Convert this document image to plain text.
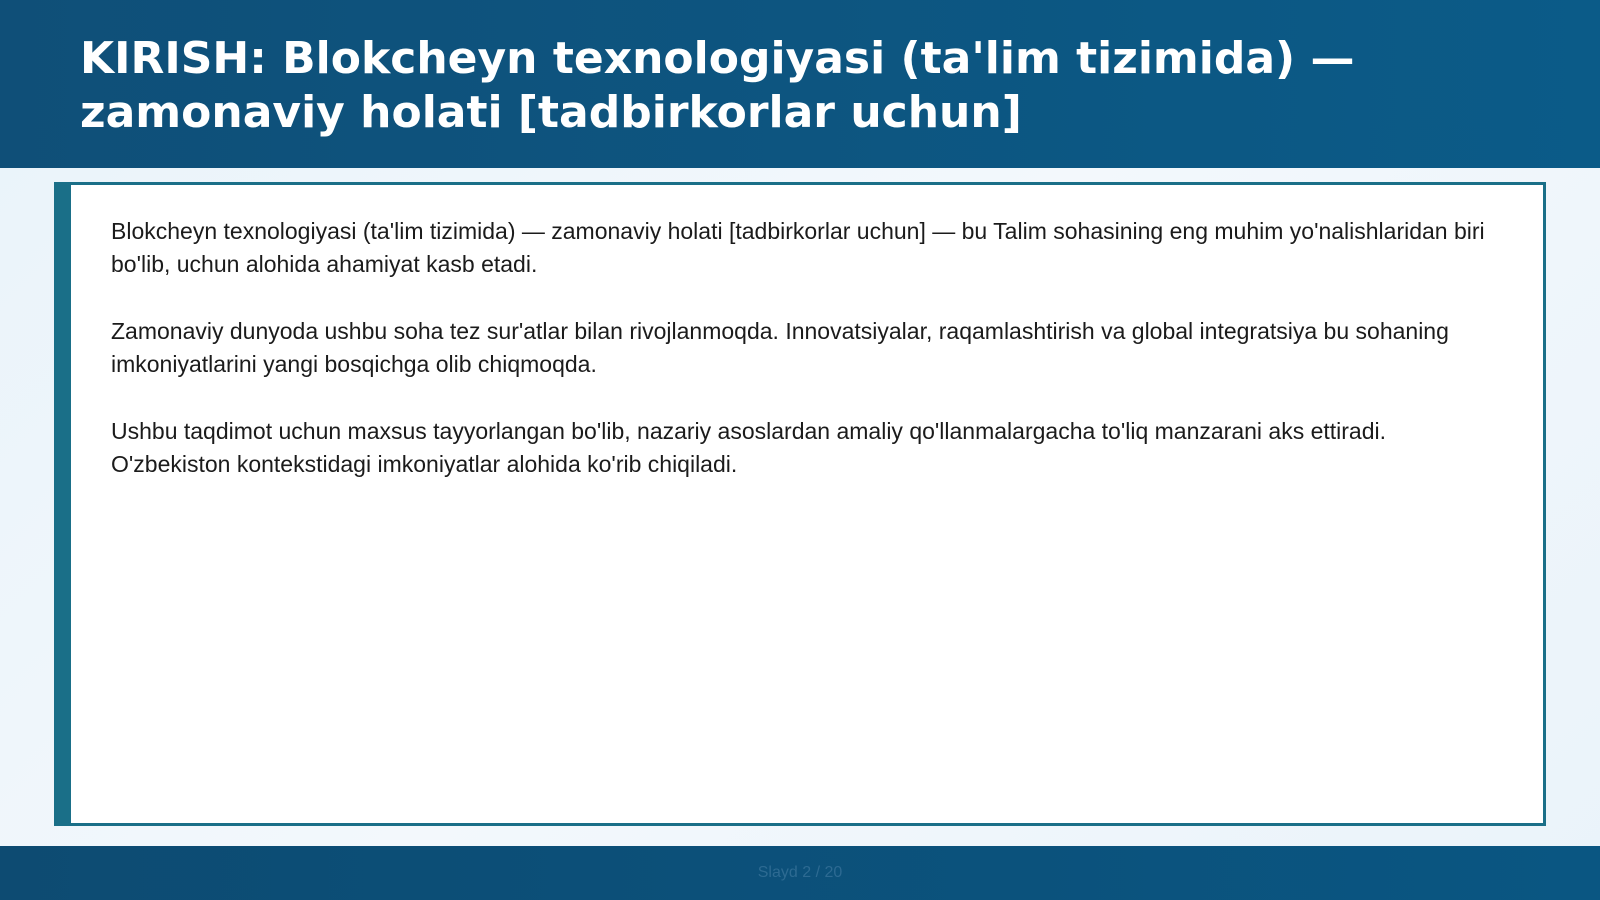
KIRISH: Blokcheyn texnologiyasi (ta'lim tizimida) — zamonaviy holati [tadbirkorlar uchun]

Blokcheyn texnologiyasi (ta'lim tizimida) — zamonaviy holati [tadbirkorlar uchun] — bu Talim sohasining eng muhim yo'nalishlaridan biri bo'lib, uchun alohida ahamiyat kasb etadi.

Zamonaviy dunyoda ushbu soha tez sur'atlar bilan rivojlanmoqda. Innovatsiyalar, raqamlashtirish va global integratsiya bu sohaning imkoniyatlarini yangi bosqichga olib chiqmoqda.

Ushbu taqdimot uchun maxsus tayyorlangan bo'lib, nazariy asoslardan amaliy qo'llanmalargacha to'liq manzarani aks ettiradi. O'zbekiston kontekstidagi imkoniyatlar alohida ko'rib chiqiladi.

Slayd 2 / 20
